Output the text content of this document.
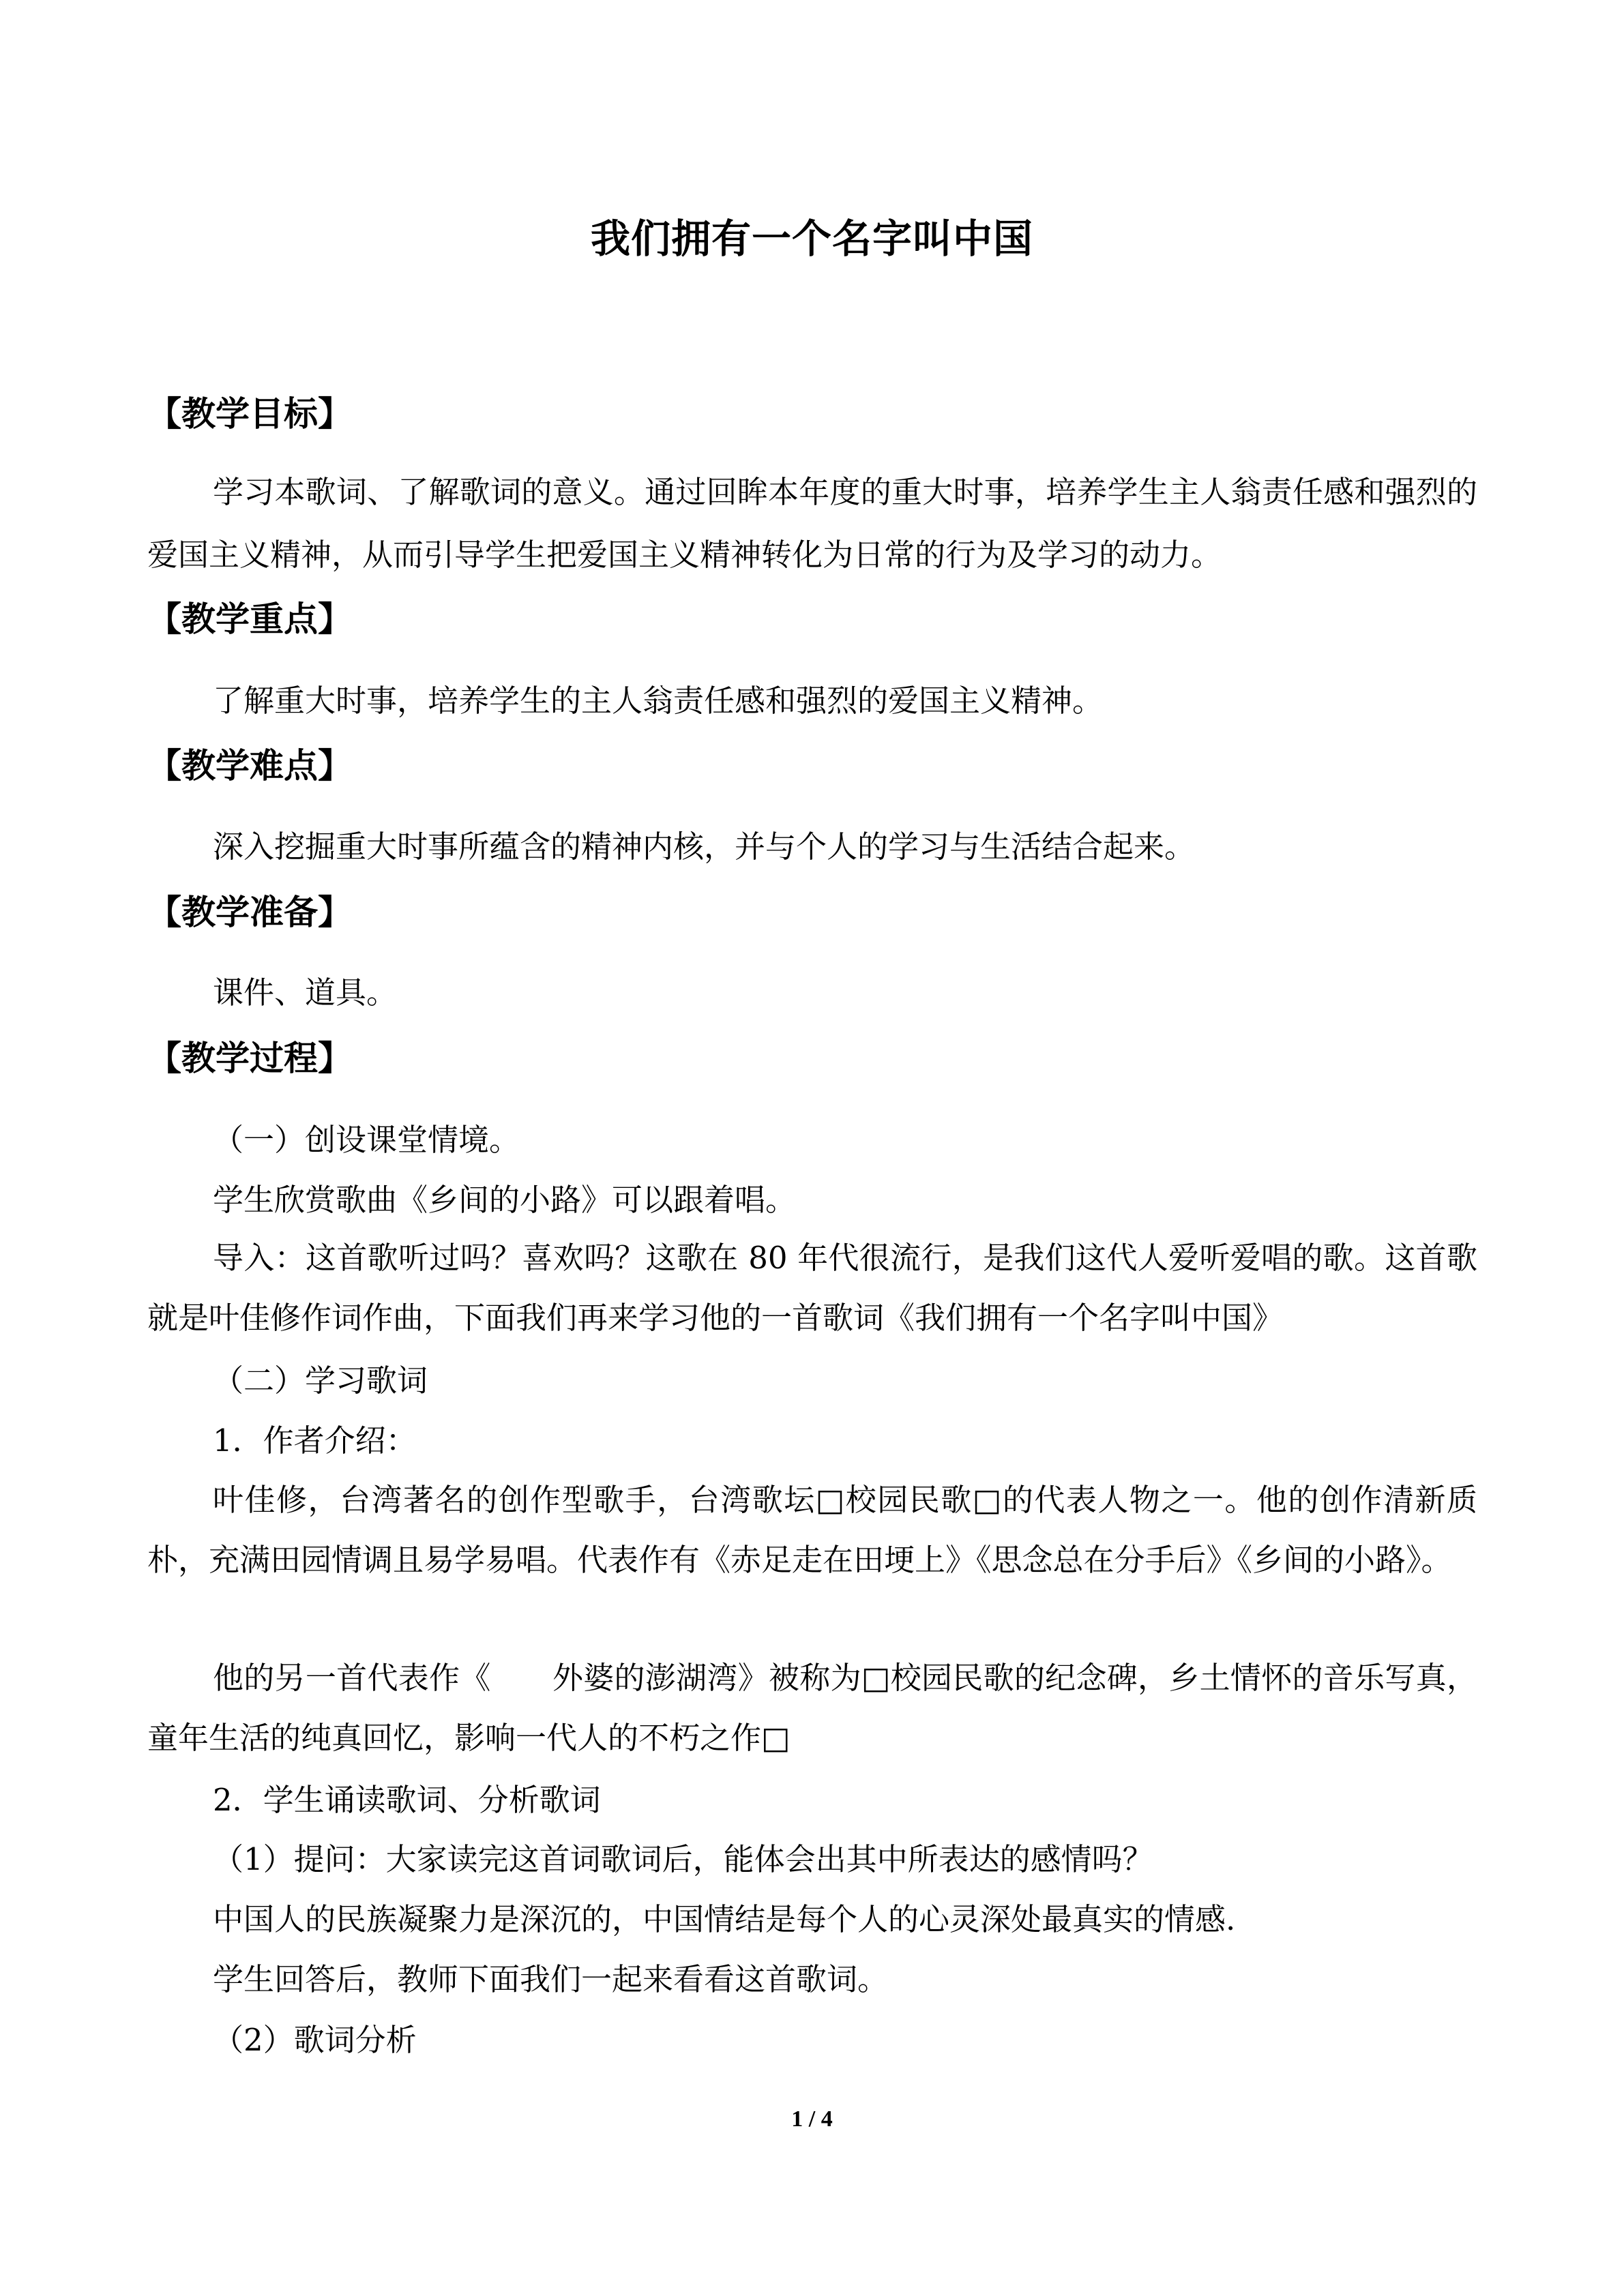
我们拥有一个名字叫中国
【教学目标】
学习本歌词、了解歌词的意义。通过回眸本年度的重大时事，培养学生主人翁责任感和强烈的爱国主义精神，从而引导学生把爱国主义精神转化为日常的行为及学习的动力。
【教学重点】
了解重大时事，培养学生的主人翁责任感和强烈的爱国主义精神。
【教学难点】
深入挖掘重大时事所蕴含的精神内核，并与个人的学习与生活结合起来。
【教学准备】
课件、道具。
【教学过程】
（一）创设课堂情境。
学生欣赏歌曲《乡间的小路》可以跟着唱。
导入：这首歌听过吗？喜欢吗？这歌在 80 年代很流行，是我们这代人爱听爱唱的歌。这首歌就是叶佳修作词作曲，下面我们再来学习他的一首歌词《我们拥有一个名字叫中国》
（二）学习歌词
1．作者介绍：
叶佳修，台湾著名的创作型歌手，台湾歌坛□校园民歌□的代表人物之一。他的创作清新质朴，充满田园情调且易学易唱。代表作有《赤足走在田埂上》《思念总在分手后》《乡间的小路》。
他的另一首代表作《 外婆的澎湖湾》被称为□校园民歌的纪念碑，乡土情怀的音乐写真，童年生活的纯真回忆，影响一代人的不朽之作□
2．学生诵读歌词、分析歌词
（1）提问：大家读完这首词歌词后，能体会出其中所表达的感情吗？
中国人的民族凝聚力是深沉的，中国情结是每个人的心灵深处最真实的情感.
学生回答后，教师下面我们一起来看看这首歌词。
（2）歌词分析
1 / 4
